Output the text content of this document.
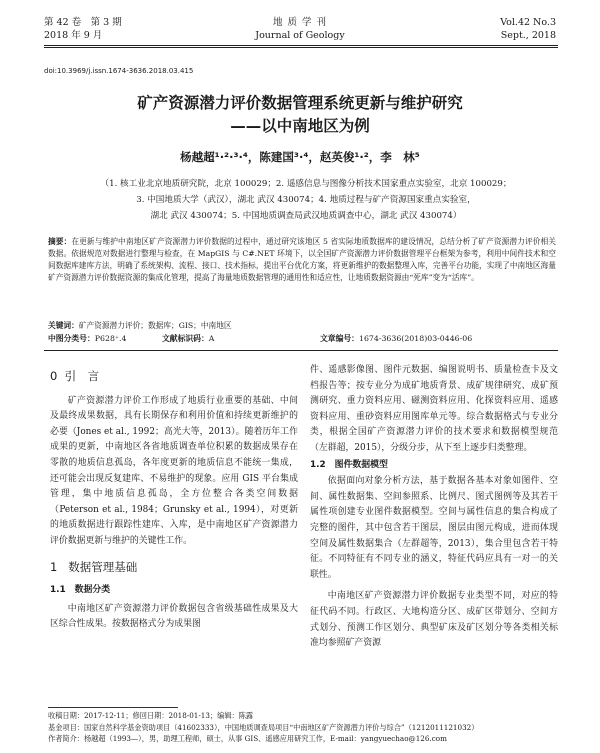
第 42 卷　第 3 期
2018 年 9 月
地 质 学 刊
Journal of Geology
Vol.42 No.3
Sept., 2018
doi:10.3969/j.issn.1674-3636.2018.03.415
矿产资源潜力评价数据管理系统更新与维护研究
——以中南地区为例
杨越超¹·²·³·⁴，陈建国³·⁴，赵英俊¹·²，李　林⁵
（1. 核工业北京地质研究院，北京 100029；2. 遥感信息与图像分析技术国家重点实验室，北京 100029；
3. 中国地质大学（武汉），湖北 武汉 430074；4. 地质过程与矿产资源国家重点实验室，
湖北 武汉 430074；5. 中国地质调查局武汉地质调查中心，湖北 武汉 430074）
摘要：在更新与维护中南地区矿产资源潜力评价数据的过程中，通过研究该地区 5 省实际地质数据库的建设情况，总结分析了矿产资源潜力评价相关数据。依据规范对数据进行整理与检查，在 MapGIS 与 C#.NET 环境下，以全国矿产资源潜力评价数据管理平台框架为参考，利用中间件技术和空间数据库建库方法，明确了系统架构、流程、接口、技术指标，提出平台优化方案，将更新维护的数据整理入库，完善平台功能，实现了中南地区海量矿产资源潜力评价数据资源的集成化管理，提高了海量地质数据管理的通用性和适应性，让地质数据资源由“死库”变为“活库”。
关键词：矿产资源潜力评价；数据库；GIS；中南地区
中图分类号：P628⁺.4	文献标识码：A	文章编号：1674-3636(2018)03-0446-06
0 引　言

矿产资源潜力评价工作形成了地质行业重要的基础、中间及最终成果数据，具有长期保存和利用价值和持续更新维护的必要（Jones et al., 1992；高光大等，2013）。随着历年工作成果的更新，中南地区各省地质调查单位积累的数据成果存在零散的地质信息孤岛，各年度更新的地质信息不能统一集成，还可能会出现反复建库、不易维护的现象。应用 GIS 平台集成管理，集中地质信息孤岛，全方位整合各类空间数据（Peterson et al., 1984；Grunsky et al., 1994），对更新的地质数据进行跟踪性建库、入库，是中南地区矿产资源潜力评价数据更新与维护的关键性工作。

1 数据管理基础
1.1　数据分类

中南地区矿产资源潜力评价数据包含省级基础性成果及大区综合性成果。按数据格式分为成果图

件、遥感影像图、图件元数据、编图说明书、质量检查卡及文档报告等；按专业分为成矿地质背景、成矿规律研究、成矿预测研究、重力资料应用、磁测资料应用、化探资料应用、遥感资料应用、重砂资料应用图库单元等。综合数据格式与专业分类，根据全国矿产资源潜力评价的技术要求和数据模型规范（左群超，2015），分级分步，从下至上逐步归类整理。

1.2　图件数据模型

依据面向对象分析方法，基于数据各基本对象如图件、空间、属性数据集、空间参照系、比例尺、图式图例等及其若干属性项创建专业图件数据模型。空间与属性信息的集合构成了完整的图件，其中包含若干图层，图层由图元构成，进而体现空间及属性数据集合（左群超等，2013），集合里包含若干特征。不同特征有不同专业的涵义，特征代码应具有一对一的关联性。

中南地区矿产资源潜力评价数据专业类型不同，对应的特征代码不同。行政区、大地构造分区、成矿区带划分、空间方式划分、预测工作区划分、典型矿床及矿区划分等各类相关标准均参照矿产资源

收稿日期：2017-12-11；修回日期：2018-01-13；编辑：陈露
基金项目：国家自然科学基金资助项目（41602333），中国地质调查局项目“中南地区矿产资源潜力评价与综合”（1212011121032）
作者简介：杨越超（1993—），男，助理工程师，硕士，从事 GIS、遥感应用研究工作，E-mail：yangyuechao@126.com
